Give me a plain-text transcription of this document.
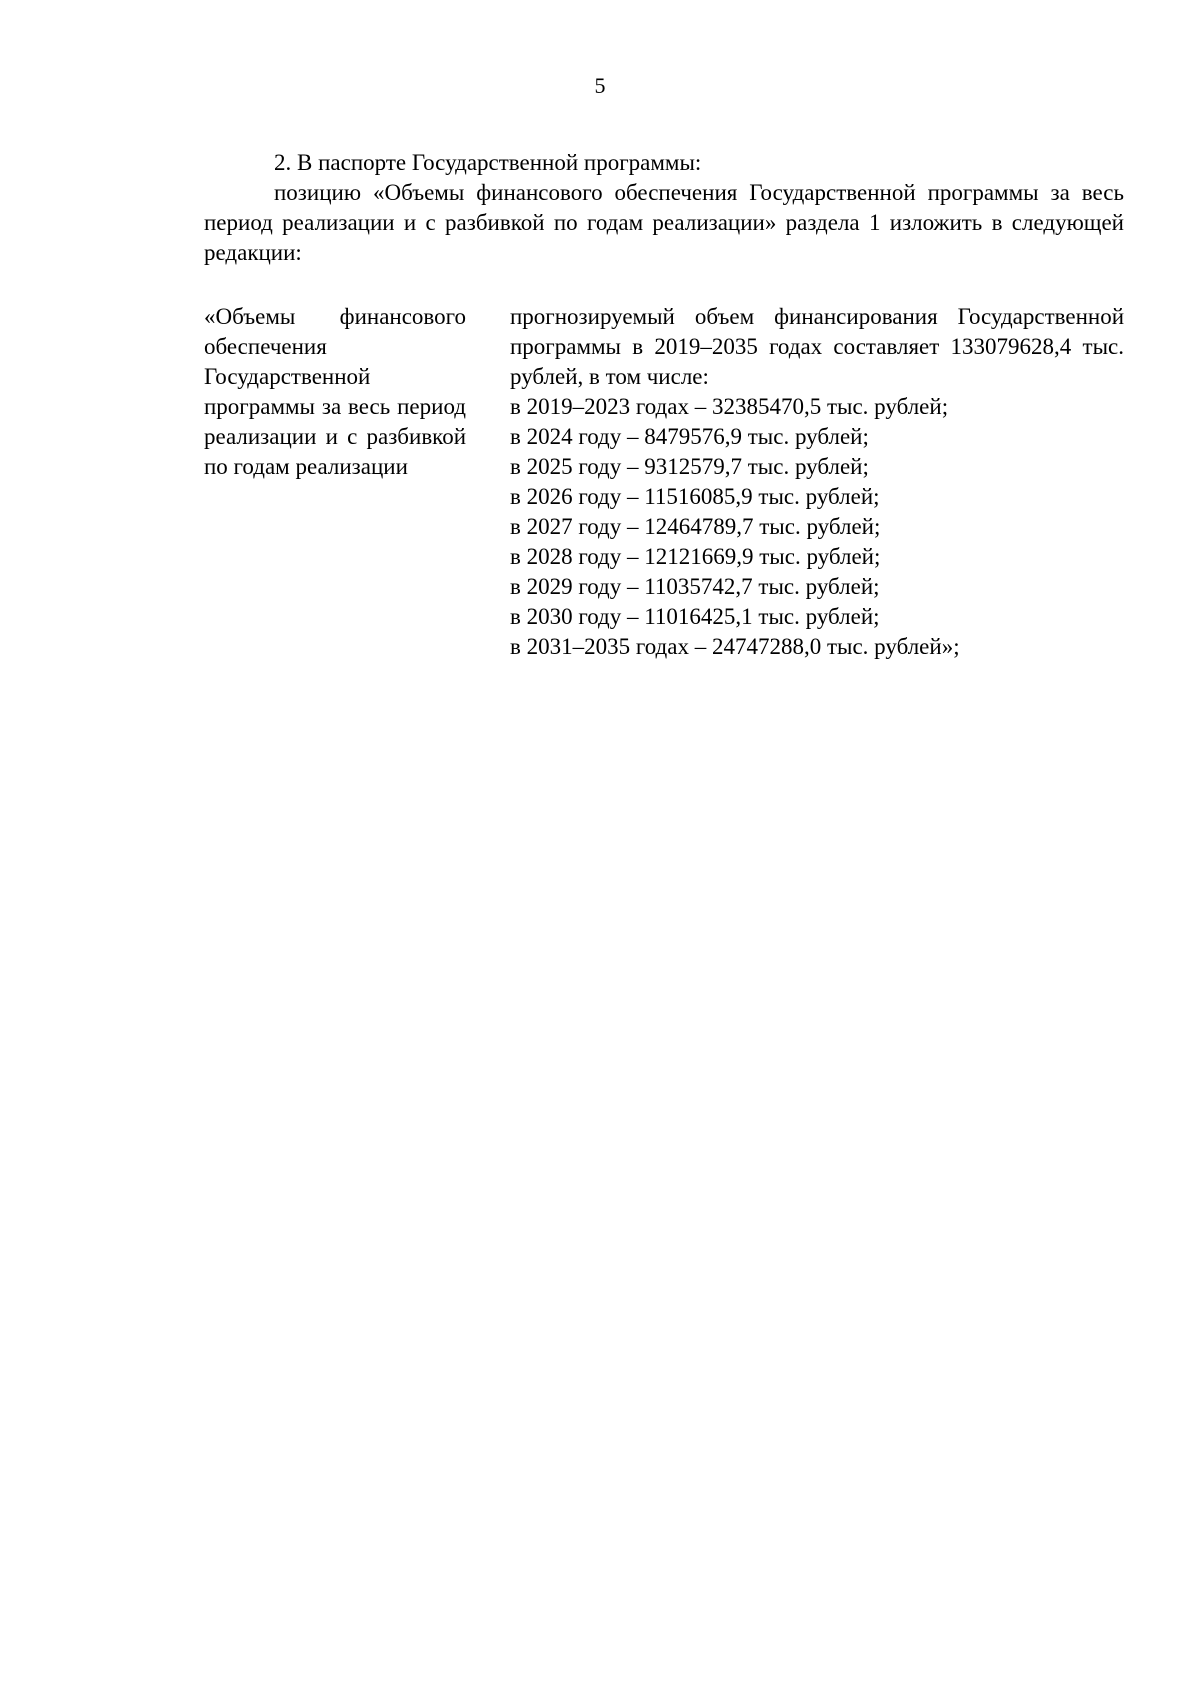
5
2. В паспорте Государственной программы:
позицию «Объемы финансового обеспечения Государственной программы за весь период реализации и с разбивкой по годам реализации» раздела 1 изложить в следующей редакции:
«Объемы финансового обеспечения Государственной программы за весь период реализации и с разбивкой по годам реализации
прогнозируемый объем финансирования Государственной программы в 2019–2035 годах составляет 133079628,4 тыс. рублей, в том числе:
в 2019–2023 годах – 32385470,5 тыс. рублей;
в 2024 году – 8479576,9 тыс. рублей;
в 2025 году – 9312579,7 тыс. рублей;
в 2026 году – 11516085,9 тыс. рублей;
в 2027 году – 12464789,7 тыс. рублей;
в 2028 году – 12121669,9 тыс. рублей;
в 2029 году – 11035742,7 тыс. рублей;
в 2030 году – 11016425,1 тыс. рублей;
в 2031–2035 годах – 24747288,0 тыс. рублей»;
